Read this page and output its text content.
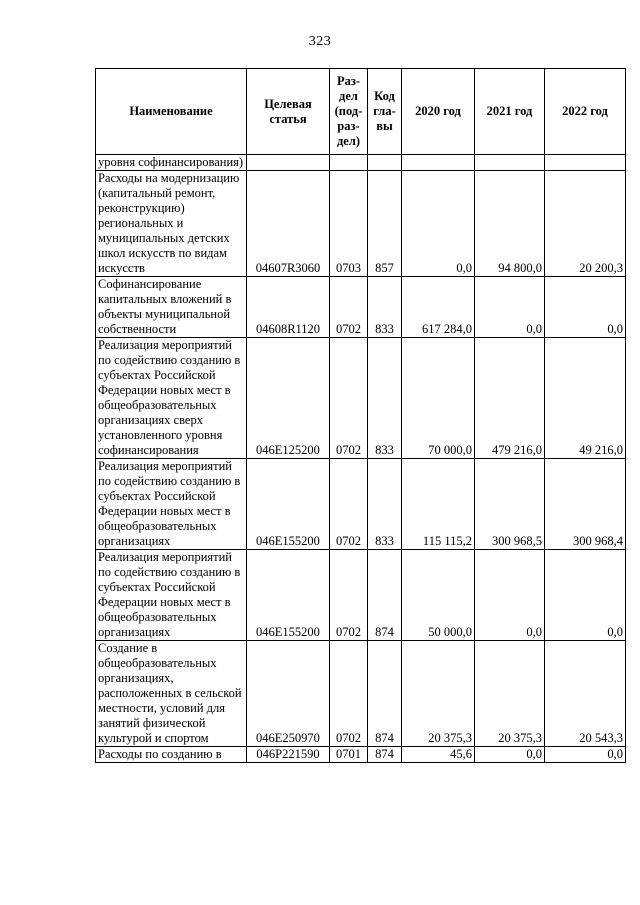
323
Наименование	Целевая статья	Раз-дел (под-раз-дел)	Код гла-вы	2020 год	2021 год	2022 год
уровня софинансирования)						
Расходы на модернизацию (капитальный ремонт, реконструкцию) региональных и муниципальных детских школ искусств по видам искусств	04607R3060	0703	857	0,0	94 800,0	20 200,3
Софинансирование капитальных вложений в объекты муниципальной собственности	04608R1120	0702	833	617 284,0	0,0	0,0
Реализация мероприятий по содействию созданию в субъектах Российской Федерации новых мест в общеобразовательных организациях сверх установленного уровня софинансирования	046E125200	0702	833	70 000,0	479 216,0	49 216,0
Реализация мероприятий по содействию созданию в субъектах Российской Федерации новых мест в общеобразовательных организациях	046E155200	0702	833	115 115,2	300 968,5	300 968,4
Реализация мероприятий по содействию созданию в субъектах Российской Федерации новых мест в общеобразовательных организациях	046E155200	0702	874	50 000,0	0,0	0,0
Создание в общеобразовательных организациях, расположенных в сельской местности, условий для занятий физической культурой и спортом	046E250970	0702	874	20 375,3	20 375,3	20 543,3
Расходы по созданию в	046P221590	0701	874	45,6	0,0	0,0
